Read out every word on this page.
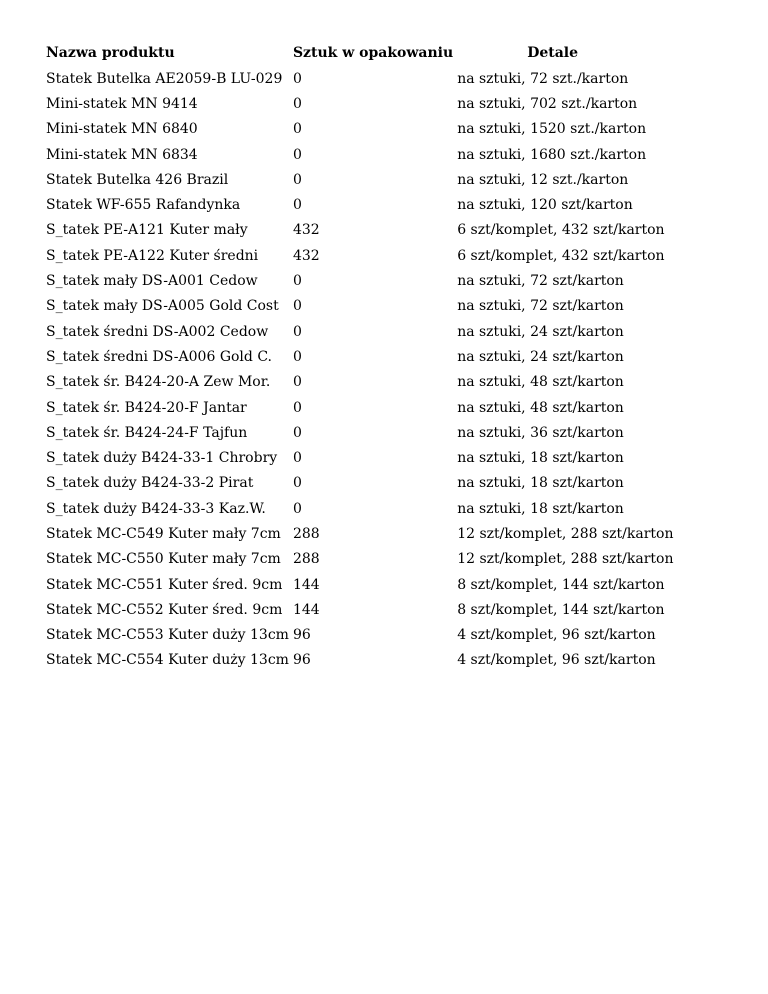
Nazwa produktu	Sztuk w opakowaniu	Detale
Statek Butelka AE2059-B LU-029	0	na sztuki, 72 szt./karton
Mini-statek MN 9414	0	na sztuki, 702 szt./karton
Mini-statek MN 6840	0	na sztuki, 1520 szt./karton
Mini-statek MN 6834	0	na sztuki, 1680 szt./karton
Statek Butelka 426 Brazil	0	na sztuki, 12 szt./karton
Statek WF-655 Rafandynka	0	na sztuki, 120 szt/karton
S_tatek PE-A121 Kuter mały	432	6 szt/komplet, 432 szt/karton
S_tatek PE-A122 Kuter średni	432	6 szt/komplet, 432 szt/karton
S_tatek mały DS-A001 Cedow	0	na sztuki, 72 szt/karton
S_tatek mały DS-A005 Gold Cost	0	na sztuki, 72 szt/karton
S_tatek średni DS-A002 Cedow	0	na sztuki, 24 szt/karton
S_tatek średni DS-A006 Gold C.	0	na sztuki, 24 szt/karton
S_tatek śr. B424-20-A Zew Mor.	0	na sztuki, 48 szt/karton
S_tatek śr. B424-20-F Jantar	0	na sztuki, 48 szt/karton
S_tatek śr. B424-24-F Tajfun	0	na sztuki, 36 szt/karton
S_tatek duży B424-33-1 Chrobry	0	na sztuki, 18 szt/karton
S_tatek duży B424-33-2 Pirat	0	na sztuki, 18 szt/karton
S_tatek duży B424-33-3 Kaz.W.	0	na sztuki, 18 szt/karton
Statek MC-C549 Kuter mały 7cm	288	12 szt/komplet, 288 szt/karton
Statek MC-C550 Kuter mały 7cm	288	12 szt/komplet, 288 szt/karton
Statek MC-C551 Kuter śred. 9cm	144	8 szt/komplet, 144 szt/karton
Statek MC-C552 Kuter śred. 9cm	144	8 szt/komplet, 144 szt/karton
Statek MC-C553 Kuter duży 13cm	96	4 szt/komplet, 96 szt/karton
Statek MC-C554 Kuter duży 13cm	96	4 szt/komplet, 96 szt/karton
